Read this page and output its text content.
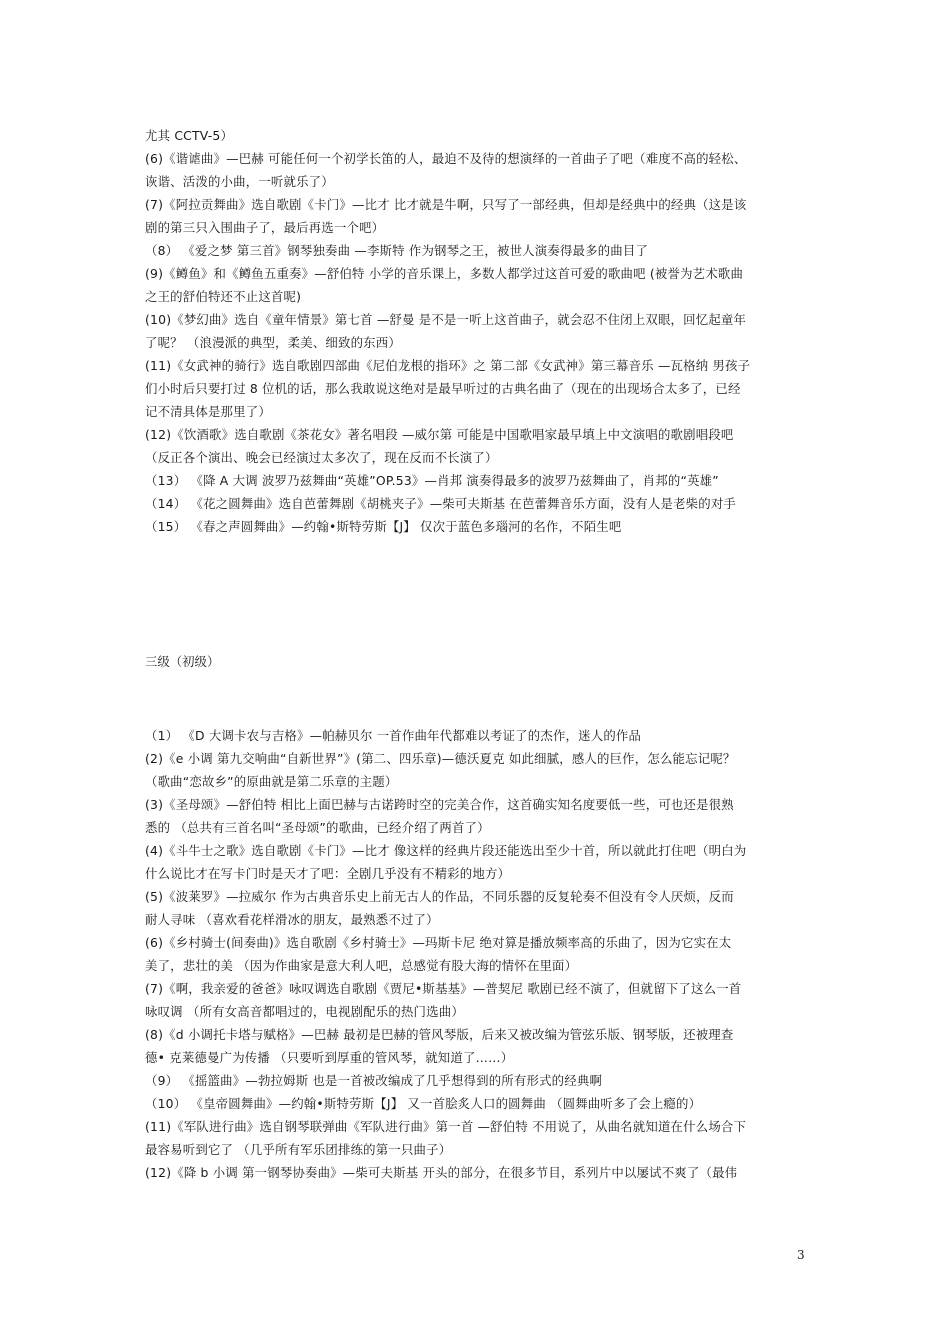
尤其 CCTV-5）
(6)《谐谑曲》—巴赫 可能任何一个初学长笛的人，最迫不及待的想演绎的一首曲子了吧（难度不高的轻松、
诙谐、活泼的小曲，一听就乐了）
(7)《阿拉贡舞曲》选自歌剧《卡门》—比才 比才就是牛啊，只写了一部经典，但却是经典中的经典（这是该
剧的第三只入围曲子了，最后再选一个吧）
（8） 《爱之梦 第三首》钢琴独奏曲 —李斯特 作为钢琴之王，被世人演奏得最多的曲目了
(9)《鳟鱼》和《鳟鱼五重奏》—舒伯特 小学的音乐课上，多数人都学过这首可爱的歌曲吧 (被誉为艺术歌曲
之王的舒伯特还不止这首呢)
(10)《梦幻曲》选自《童年情景》第七首 —舒曼 是不是一听上这首曲子，就会忍不住闭上双眼，回忆起童年
了呢？ （浪漫派的典型，柔美、细致的东西）
(11)《女武神的骑行》选自歌剧四部曲《尼伯龙根的指环》之 第二部《女武神》第三幕音乐 —瓦格纳 男孩子
们小时后只要打过 8 位机的话，那么我敢说这绝对是最早听过的古典名曲了（现在的出现场合太多了，已经
记不清具体是那里了）
(12)《饮酒歌》选自歌剧《茶花女》著名唱段 —威尔第 可能是中国歌唱家最早填上中文演唱的歌剧唱段吧
（反正各个演出、晚会已经演过太多次了，现在反而不长演了）
（13） 《降 A 大调 波罗乃兹舞曲“英雄”OP.53》—肖邦 演奏得最多的波罗乃兹舞曲了，肖邦的“英雄”
（14） 《花之圆舞曲》选自芭蕾舞剧《胡桃夹子》—柴可夫斯基 在芭蕾舞音乐方面，没有人是老柴的对手
（15） 《春之声圆舞曲》—约翰•斯特劳斯【J】 仅次于蓝色多瑙河的名作，不陌生吧
三级（初级）
（1） 《D 大调卡农与吉格》—帕赫贝尔 一首作曲年代都难以考证了的杰作，迷人的作品
(2)《e 小调 第九交响曲“自新世界”》(第二、四乐章)—德沃夏克 如此细腻，感人的巨作，怎么能忘记呢？
（歌曲“恋故乡”的原曲就是第二乐章的主题）
(3)《圣母颂》—舒伯特 相比上面巴赫与古诺跨时空的完美合作，这首确实知名度要低一些，可也还是很熟
悉的 （总共有三首名叫“圣母颂”的歌曲，已经介绍了两首了）
(4)《斗牛士之歌》选自歌剧《卡门》—比才 像这样的经典片段还能选出至少十首，所以就此打住吧（明白为
什么说比才在写卡门时是天才了吧：全剧几乎没有不精彩的地方）
(5)《波莱罗》—拉威尔 作为古典音乐史上前无古人的作品，不同乐器的反复轮奏不但没有令人厌烦，反而
耐人寻味 （喜欢看花样滑冰的朋友，最熟悉不过了）
(6)《乡村骑士(间奏曲)》选自歌剧《乡村骑士》—玛斯卡尼 绝对算是播放频率高的乐曲了，因为它实在太
美了，悲壮的美 （因为作曲家是意大利人吧，总感觉有股大海的情怀在里面）
(7)《啊，我亲爱的爸爸》咏叹调选自歌剧《贾尼•斯基基》—普契尼 歌剧已经不演了，但就留下了这么一首
咏叹调 （所有女高音都唱过的，电视剧配乐的热门选曲）
(8)《d 小调托卡塔与赋格》—巴赫 最初是巴赫的管风琴版，后来又被改编为管弦乐版、钢琴版，还被理查
德• 克莱德曼广为传播 （只要听到厚重的管风琴，就知道了……）
（9） 《摇篮曲》—勃拉姆斯 也是一首被改编成了几乎想得到的所有形式的经典啊
（10） 《皇帝圆舞曲》—约翰•斯特劳斯【J】 又一首脍炙人口的圆舞曲 （圆舞曲听多了会上瘾的）
(11)《军队进行曲》选自钢琴联弹曲《军队进行曲》第一首 —舒伯特 不用说了，从曲名就知道在什么场合下
最容易听到它了 （几乎所有军乐团排练的第一只曲子）
(12)《降 b 小调 第一钢琴协奏曲》—柴可夫斯基 开头的部分，在很多节目，系列片中以屡试不爽了（最伟
3
